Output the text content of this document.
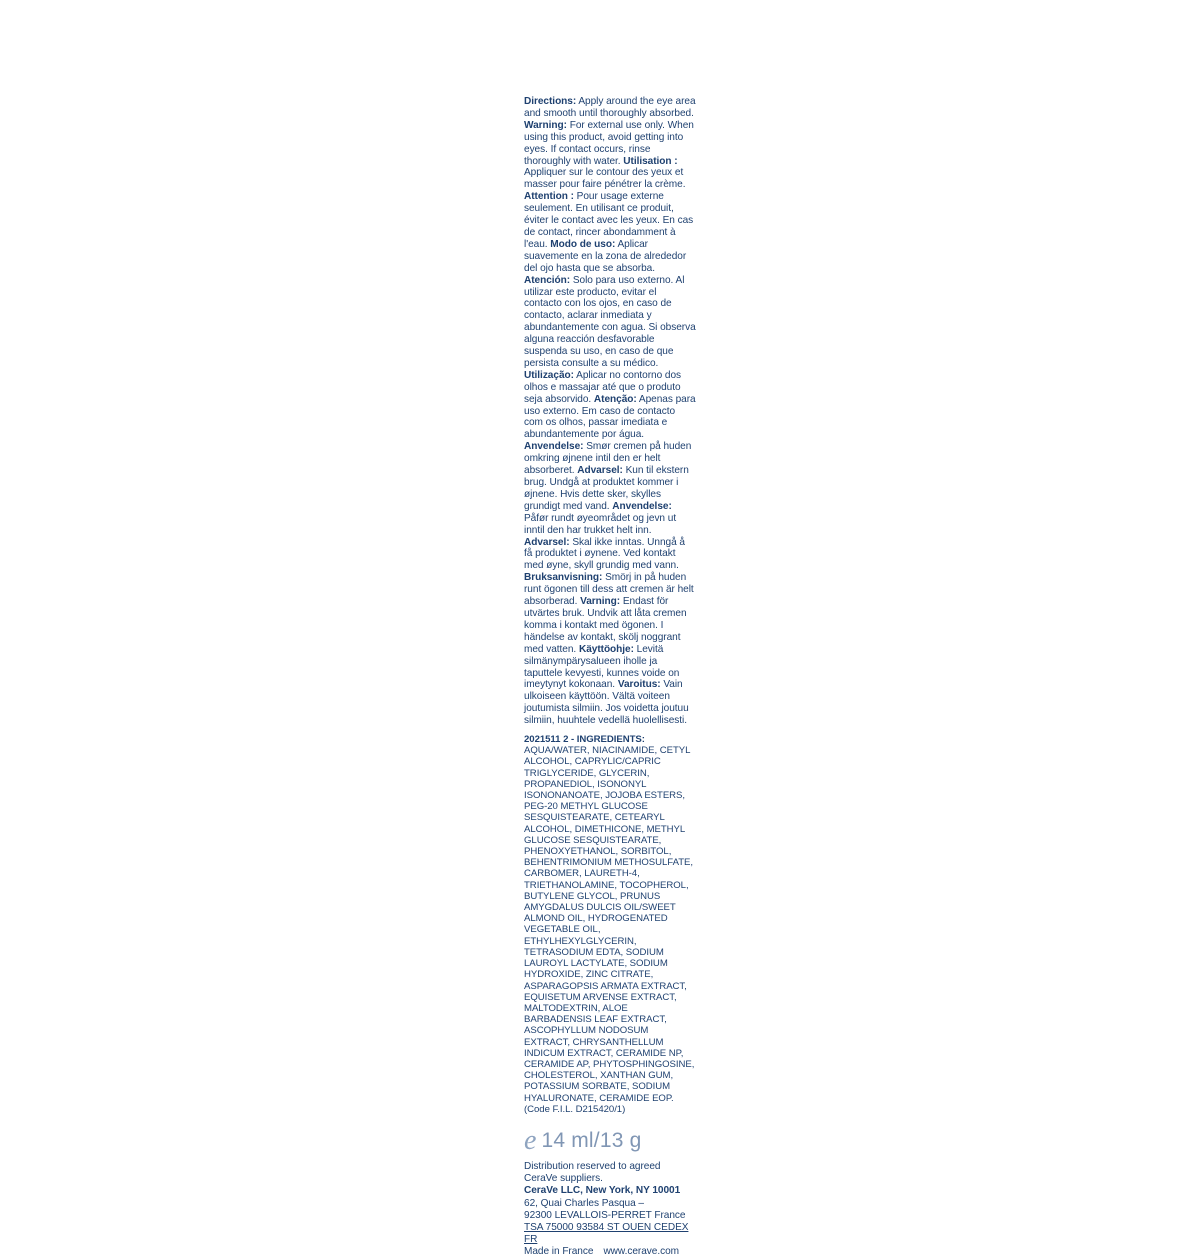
Directions: Apply around the eye area and smooth until thoroughly absorbed. Warning: For external use only. When using this product, avoid getting into eyes. If contact occurs, rinse thoroughly with water. Utilisation : Appliquer sur le contour des yeux et masser pour faire pénétrer la crème. Attention : Pour usage externe seulement. En utilisant ce produit, éviter le contact avec les yeux. En cas de contact, rincer abondamment à l'eau. Modo de uso: Aplicar suavemente en la zona de alrededor del ojo hasta que se absorba. Atención: Solo para uso externo. Al utilizar este producto, evitar el contacto con los ojos, en caso de contacto, aclarar inmediata y abundantemente con agua. Si observa alguna reacción desfavorable suspenda su uso, en caso de que persista consulte a su médico. Utilização: Aplicar no contorno dos olhos e massajar até que o produto seja absorvido. Atenção: Apenas para uso externo. Em caso de contacto com os olhos, passar imediata e abundantemente por água. Anvendelse: Smør cremen på huden omkring øjnene intil den er helt absorberet. Advarsel: Kun til ekstern brug. Undgå at produktet kommer i øjnene. Hvis dette sker, skylles grundigt med vand. Anvendelse: Påfør rundt øyeområdet og jevn ut inntil den har trukket helt inn. Advarsel: Skal ikke inntas. Unngå å få produktet i øynene. Ved kontakt med øyne, skyll grundig med vann. Bruksanvisning: Smörj in på huden runt ögonen till dess att cremen är helt absorberad. Varning: Endast för utvärtes bruk. Undvik att låta cremen komma i kontakt med ögonen. I händelse av kontakt, skölj noggrant med vatten. Käyttöohje: Levitä silmänympärysalueen iholle ja taputtele kevyesti, kunnes voide on imeytynyt kokonaan. Varoitus: Vain ulkoiseen käyttöön. Vältä voiteen joutumista silmiin. Jos voidetta joutuu silmiin, huuhtele vedellä huolellisesti.
2021511 2 - INGREDIENTS: AQUA/WATER, NIACINAMIDE, CETYL ALCOHOL, CAPRYLIC/CAPRIC TRIGLYCERIDE, GLYCERIN, PROPANEDIOL, ISONONYL ISONONANOATE, JOJOBA ESTERS, PEG-20 METHYL GLUCOSE SESQUISTEARATE, CETEARYL ALCOHOL, DIMETHICONE, METHYL GLUCOSE SESQUISTEARATE, PHENOXYETHANOL, SORBITOL, BEHENTRIMONIUM METHOSULFATE, CARBOMER, LAURETH-4, TRIETHANOLAMINE, TOCOPHEROL, BUTYLENE GLYCOL, PRUNUS AMYGDALUS DULCIS OIL/SWEET ALMOND OIL, HYDROGENATED VEGETABLE OIL, ETHYLHEXYLGLYCERIN, TETRASODIUM EDTA, SODIUM LAUROYL LACTYLATE, SODIUM HYDROXIDE, ZINC CITRATE, ASPARAGOPSIS ARMATA EXTRACT, EQUISETUM ARVENSE EXTRACT, MALTODEXTRIN, ALOE BARBADENSIS LEAF EXTRACT, ASCOPHYLLUM NODOSUM EXTRACT, CHRYSANTHELLUM INDICUM EXTRACT, CERAMIDE NP, CERAMIDE AP, PHYTOSPHINGOSINE, CHOLESTEROL, XANTHAN GUM, POTASSIUM SORBATE, SODIUM HYALURONATE, CERAMIDE EOP. (Code F.I.L. D215420/1)
e 14 ml/13 g
Distribution reserved to agreed
CeraVe suppliers.
CeraVe LLC, New York, NY 10001
62, Quai Charles Pasqua –
92300 LEVALLOIS-PERRET France
TSA 75000 93584 ST OUEN CEDEX FR
Made in France www.cerave.com
